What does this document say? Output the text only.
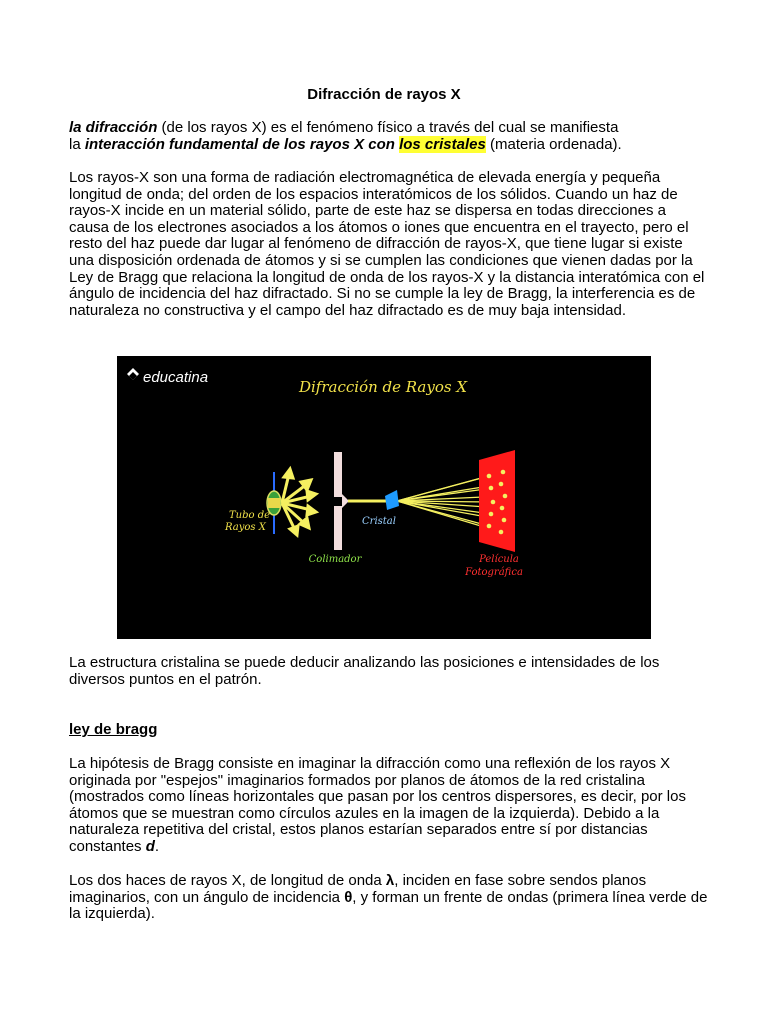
Difracción de rayos X
la difracción (de los rayos X) es el fenómeno físico a través del cual se manifiesta
la interacción fundamental de los rayos X con los cristales (materia ordenada).
Los rayos-X son una forma de radiación electromagnética de elevada energía y pequeña longitud de onda; del orden de los espacios interatómicos de los sólidos. Cuando un haz de rayos-X incide en un material sólido, parte de este haz se dispersa en todas direcciones a causa de los electrones asociados a los átomos o iones que encuentra en el trayecto, pero el resto del haz puede dar lugar al fenómeno de difracción de rayos-X, que tiene lugar si existe una disposición ordenada de átomos y si se cumplen las condiciones que vienen dadas por la Ley de Bragg que relaciona la longitud de onda de los rayos-X y la distancia interatómica con el ángulo de incidencia del haz difractado. Si no se cumple la ley de Bragg, la interferencia es de naturaleza no constructiva y el campo del haz difractado es de muy baja intensidad.
La estructura cristalina se puede deducir analizando las posiciones e intensidades de los diversos puntos en el patrón.
ley de bragg
La hipótesis de Bragg consiste en imaginar la difracción como una reflexión de los rayos X originada por "espejos" imaginarios formados por planos de átomos de la red cristalina (mostrados como líneas horizontales que pasan por los centros dispersores, es decir, por los átomos que se muestran como círculos azules en la imagen de la izquierda). Debido a la naturaleza repetitiva del cristal, estos planos estarían separados entre sí por distancias constantes d.
Los dos haces de rayos X, de longitud de onda λ, inciden en fase sobre sendos planos imaginarios, con un ángulo de incidencia θ, y forman un frente de ondas (primera línea verde de la izquierda).
educatina
Difracción de Rayos X
Tubo de
Rayos X
Colimador
Cristal
Película
Fotográfica
